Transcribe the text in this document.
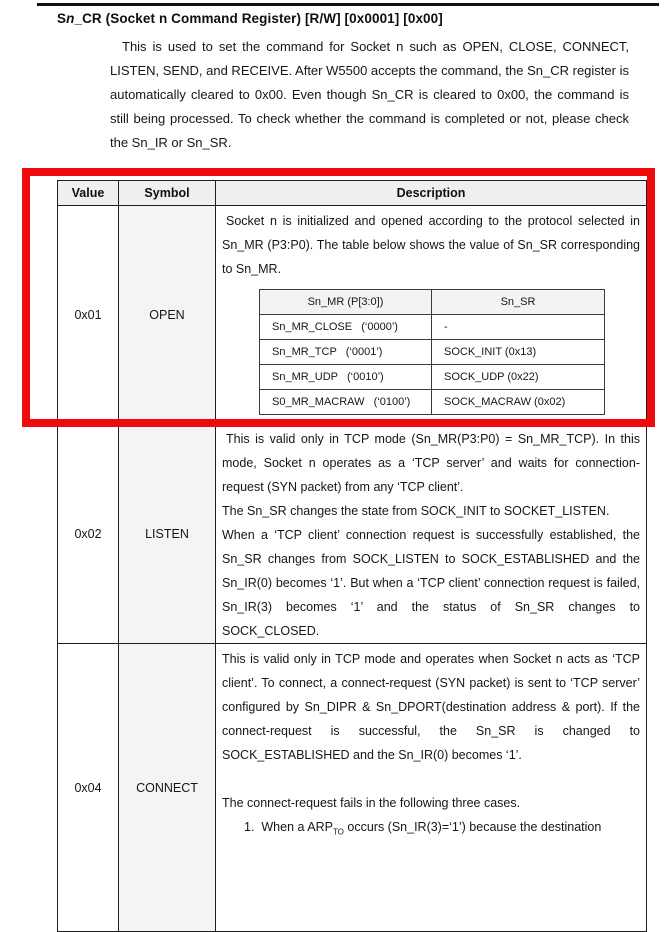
Sn_CR (Socket n Command Register) [R/W] [0x0001] [0x00]

This is used to set the command for Socket n such as OPEN, CLOSE, CONNECT, LISTEN, SEND, and RECEIVE. After W5500 accepts the command, the Sn_CR register is automatically cleared to 0x00. Even though Sn_CR is cleared to 0x00, the command is still being processed. To check whether the command is completed or not, please check the Sn_IR or Sn_SR.

Value	Symbol	Description
0x01	OPEN	

Socket n is initialized and opened according to the protocol selected in Sn_MR (P3:P0). The table below shows the value of Sn_SR corresponding to Sn_MR.

Sn_MR (P[3:0])	Sn_SR
Sn_MR_CLOSE   (‘0000’)	-
Sn_MR_TCP   (‘0001’)	SOCK_INIT (0x13)
Sn_MR_UDP   (‘0010’)	SOCK_UDP (0x22)
S0_MR_MACRAW   (‘0100’)	SOCK_MACRAW (0x02)

0x02	LISTEN	

This is valid only in TCP mode (Sn_MR(P3:P0) = Sn_MR_TCP). In this mode, Socket n operates as a ‘TCP server’ and waits for connection-request (SYN packet) from any ‘TCP client’.

The Sn_SR changes the state from SOCK_INIT to SOCKET_LISTEN.

When a ‘TCP client’ connection request is successfully established, the Sn_SR changes from SOCK_LISTEN to SOCK_ESTABLISHED and the Sn_IR(0) becomes ‘1’. But when a ‘TCP client’ connection request is failed, Sn_IR(3) becomes ‘1’ and the status of Sn_SR changes to SOCK_CLOSED.

0x04	CONNECT	

This is valid only in TCP mode and operates when Socket n acts as ‘TCP client’. To connect, a connect-request (SYN packet) is sent to ‘TCP server’ configured by Sn_DIPR & Sn_DPORT(destination address & port). If the connect-request is successful, the Sn_SR is changed to SOCK_ESTABLISHED and the Sn_IR(0) becomes ‘1’.

The connect-request fails in the following three cases.

1.  When a $ARP_{TO}$ occurs (Sn_IR(3)=‘1’) because the destination
